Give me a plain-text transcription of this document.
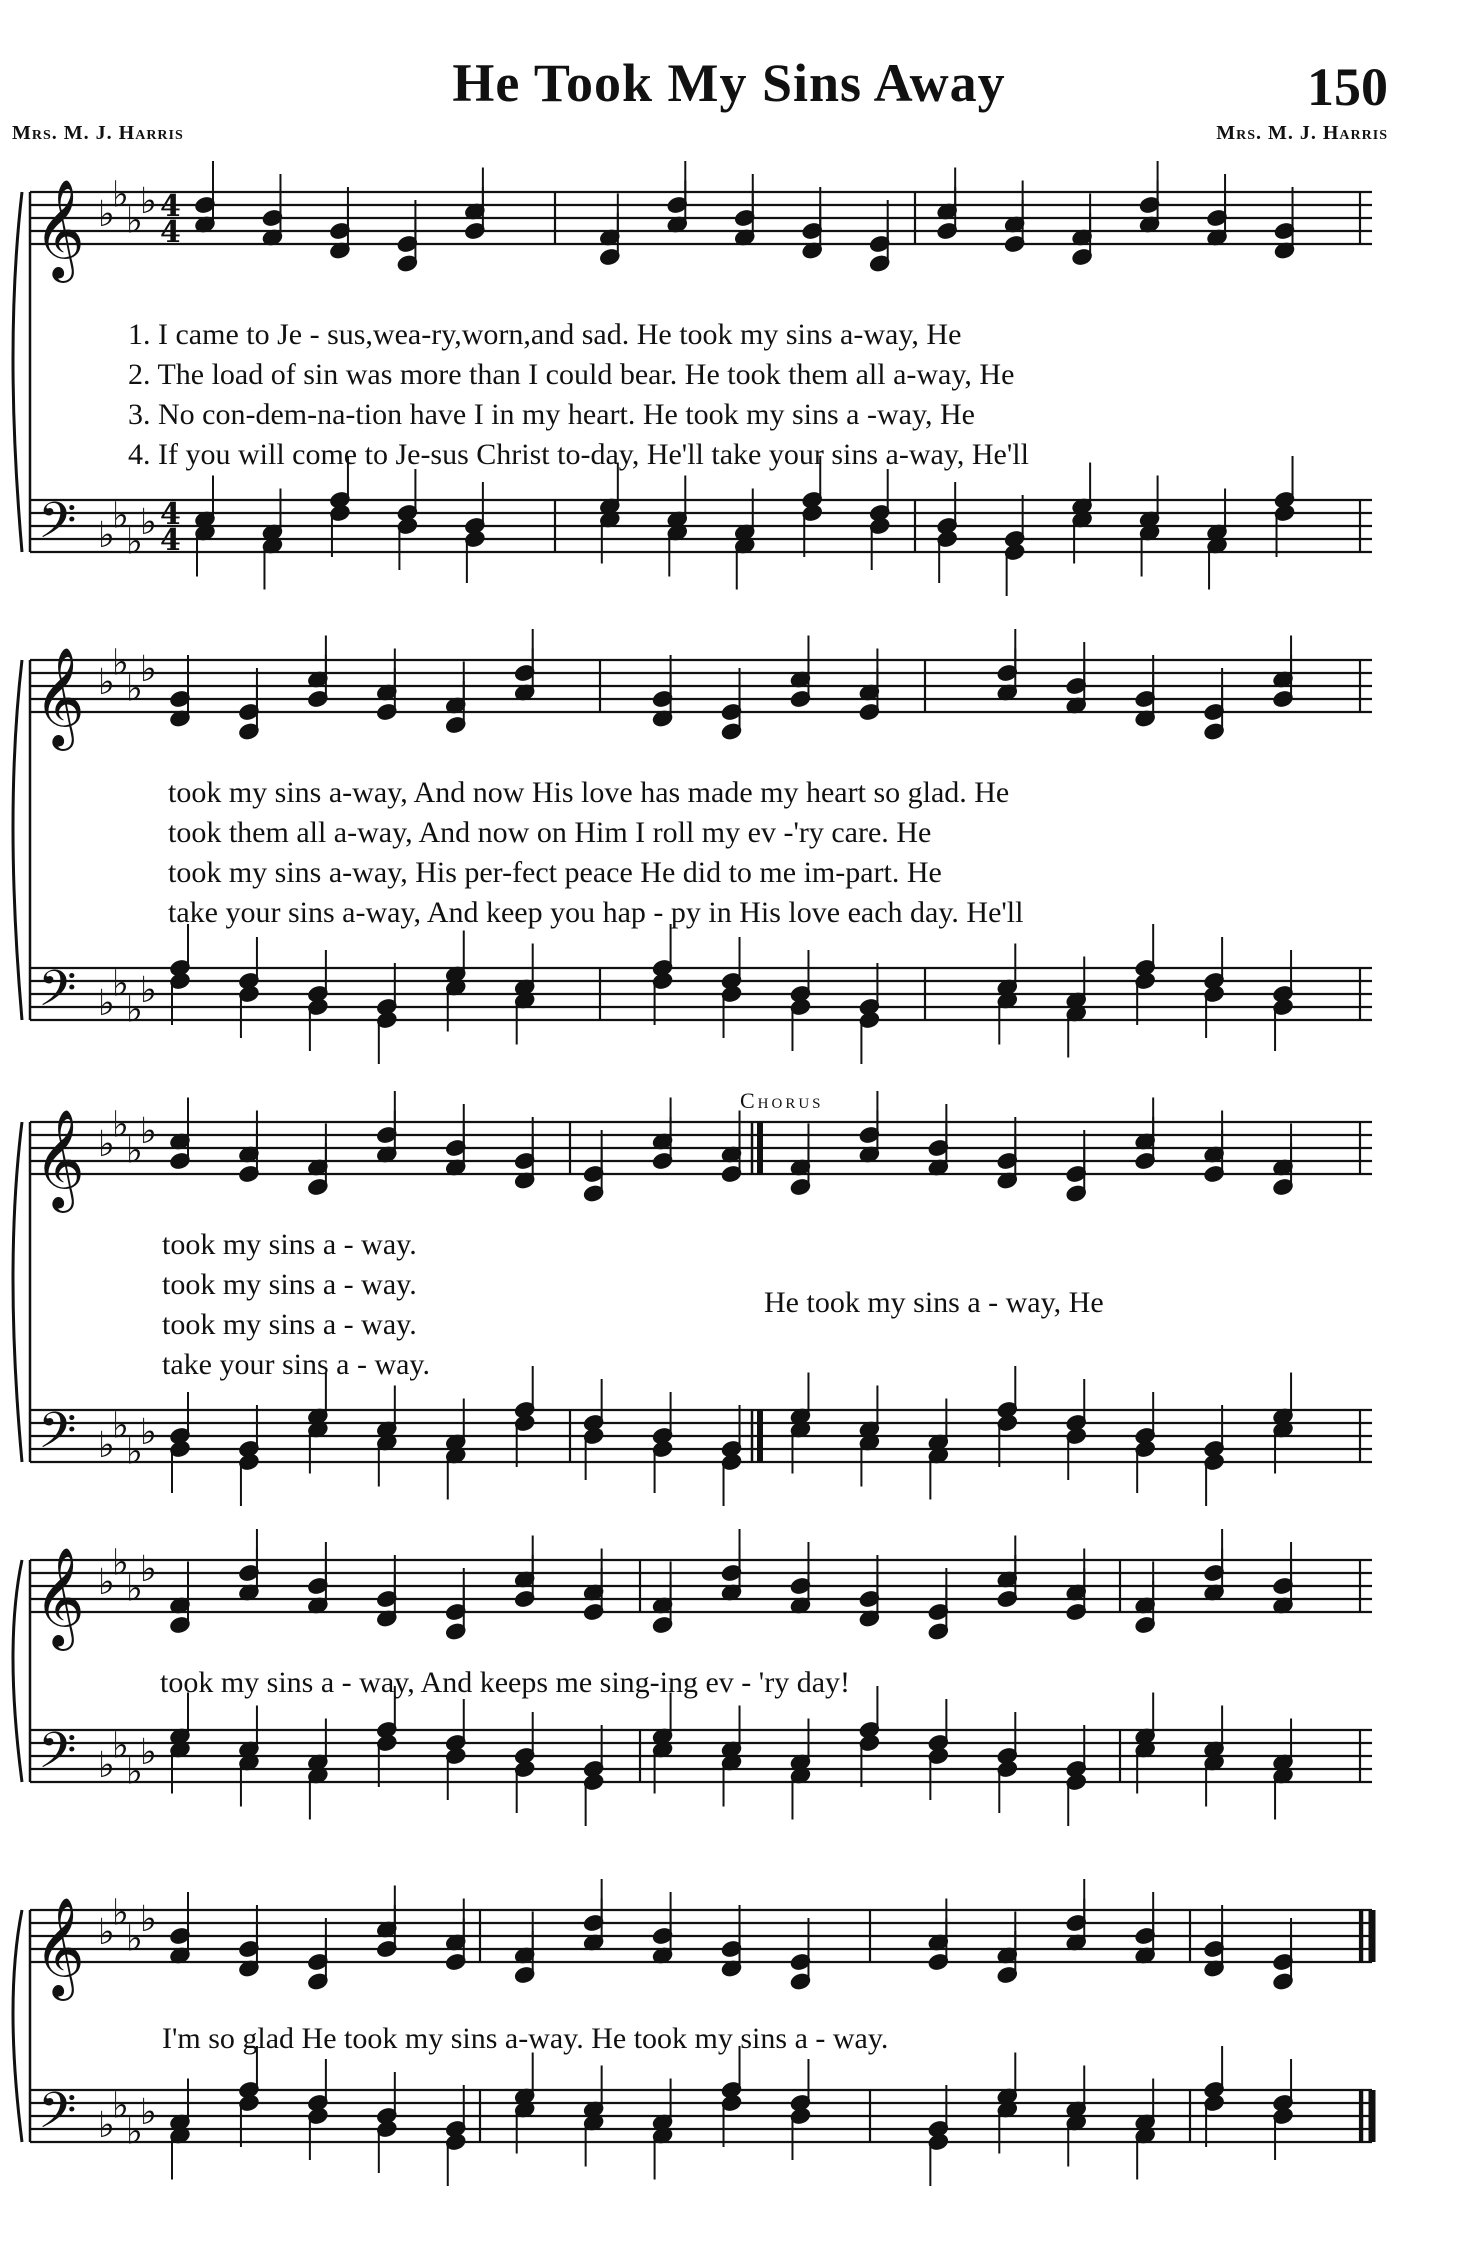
He Took My Sins Away	150
Mrs. M. J. Harris	Mrs. M. J. Harris
𝄞
𝄢
♭
♭
♭
♭
♭
♭
♭
♭
4
4
4
4
𝄞
𝄢
♭
♭
♭
♭
♭
♭
♭
♭
𝄞
𝄢
♭
♭
♭
♭
♭
♭
♭
♭
𝄞
𝄢
♭
♭
♭
♭
♭
♭
♭
♭
𝄞
𝄢
♭
♭
♭
♭
♭
♭
♭
♭
1. I came to Je - sus,wea-ry,worn,and sad. He took my sins a-way, He
2. The load of sin was more than I could bear. He took them all a-way, He
3. No con-dem-na-tion have I in my heart. He took my sins a -way, He
4. If you will come to Je-sus Christ to-day, He'll take your sins a-way, He'll
took my sins a-way, And now His love has made my heart so glad. He
took them all a-way, And now on Him I roll my ev -'ry care. He
took my sins a-way, His per-fect peace He did to me im-part. He
take your sins a-way, And keep you hap - py in His love each day. He'll
Chorus
took my sins a - way.
took my sins a - way.
took my sins a - way.
take your sins a - way.
He took my sins a - way, He
took my sins a - way, And keeps me sing-ing ev - 'ry day!
I'm so glad He took my sins a-way. He took my sins a - way.
